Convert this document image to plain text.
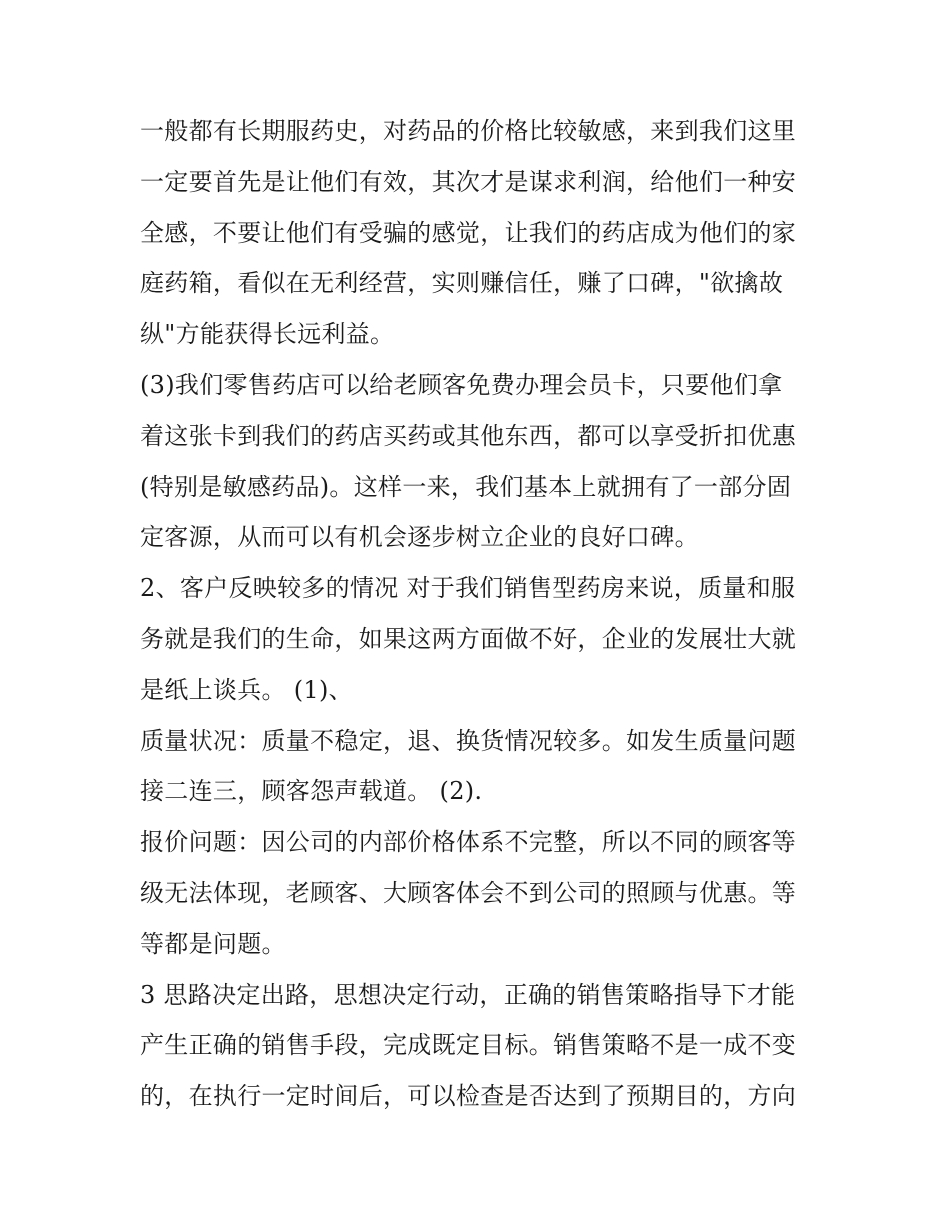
一般都有长期服药史，对药品的价格比较敏感，来到我们这里
一定要首先是让他们有效，其次才是谋求利润，给他们一种安
全感，不要让他们有受骗的感觉，让我们的药店成为他们的家
庭药箱，看似在无利经营，实则赚信任，赚了口碑，"欲擒故
纵"方能获得长远利益。

(3)我们零售药店可以给老顾客免费办理会员卡，只要他们拿
着这张卡到我们的药店买药或其他东西，都可以享受折扣优惠
(特别是敏感药品)。这样一来，我们基本上就拥有了一部分固
定客源，从而可以有机会逐步树立企业的良好口碑。

2、客户反映较多的情况 对于我们销售型药房来说，质量和服
务就是我们的生命，如果这两方面做不好，企业的发展壮大就
是纸上谈兵。 (1)、

质量状况：质量不稳定，退、换货情况较多。如发生质量问题
接二连三，顾客怨声载道。 (2).

报价问题：因公司的内部价格体系不完整，所以不同的顾客等
级无法体现，老顾客、大顾客体会不到公司的照顾与优惠。等
等都是问题。

3 思路决定出路，思想决定行动，正确的销售策略指导下才能
产生正确的销售手段，完成既定目标。销售策略不是一成不变
的，在执行一定时间后，可以检查是否达到了预期目的，方向
